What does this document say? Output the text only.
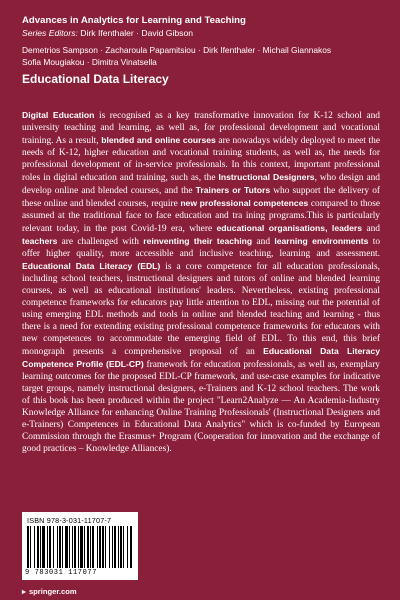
Advances in Analytics for Learning and Teaching
Series Editors: Dirk Ifenthaler · David Gibson
Demetrios Sampson · Zacharoula Papamitsiou · Dirk Ifenthaler · Michail Giannakos
Sofia Mougiakou · Dimitra Vinatsella
Educational Data Literacy
Digital Education is recognised as a key transformative innovation for K-12 school and university teaching and learning, as well as, for professional development and vocational training. As a result, blended and online courses are nowadays widely deployed to meet the needs of K-12, higher education and vocational training students, as well as, the needs for professional development of in-service professionals. In this context, important professional roles in digital education and training, such as, the Instructional Designers, who design and develop online and blended courses, and the Trainers or Tutors who support the delivery of these online and blended courses, require new professional competences compared to those assumed at the traditional face to face education and tra ining programs.This is particularly relevant today, in the post Covid-19 era, where educational organisations, leaders and teachers are challenged with reinventing their teaching and learning environments to offer higher quality, more accessible and inclusive teaching, learning and assessment. Educational Data Literacy (EDL) is a core competence for all education professionals, including school teachers, instructional designers and tutors of online and blended learning courses, as well as educational institutions' leaders. Nevertheless, existing professional competence frameworks for educators pay little attention to EDL, missing out the potential of using emerging EDL methods and tools in online and blended teaching and learning - thus there is a need for extending existing professional competence frameworks for educators with new competences to accommodate the emerging field of EDL. To this end, this brief monograph presents a comprehensive proposal of an Educational Data Literacy Competence Profile (EDL-CP) framework for education professionals, as well as, exemplary learning outcomes for the proposed EDL-CP framework, and use-case examples for indicative target groups, namely instructional designers, e-Trainers and K-12 school teachers. The work of this book has been produced within the project "Learn2Analyze — An Academia-Industry Knowledge Alliance for enhancing Online Training Professionals' (Instructional Designers and e-Trainers) Competences in Educational Data Analytics" which is co-funded by European Commission through the Erasmus+ Program (Cooperation for innovation and the exchange of good practices – Knowledge Alliances).
ISBN 978-3-031-11707-7
9 783031 117077
▸ springer.com
